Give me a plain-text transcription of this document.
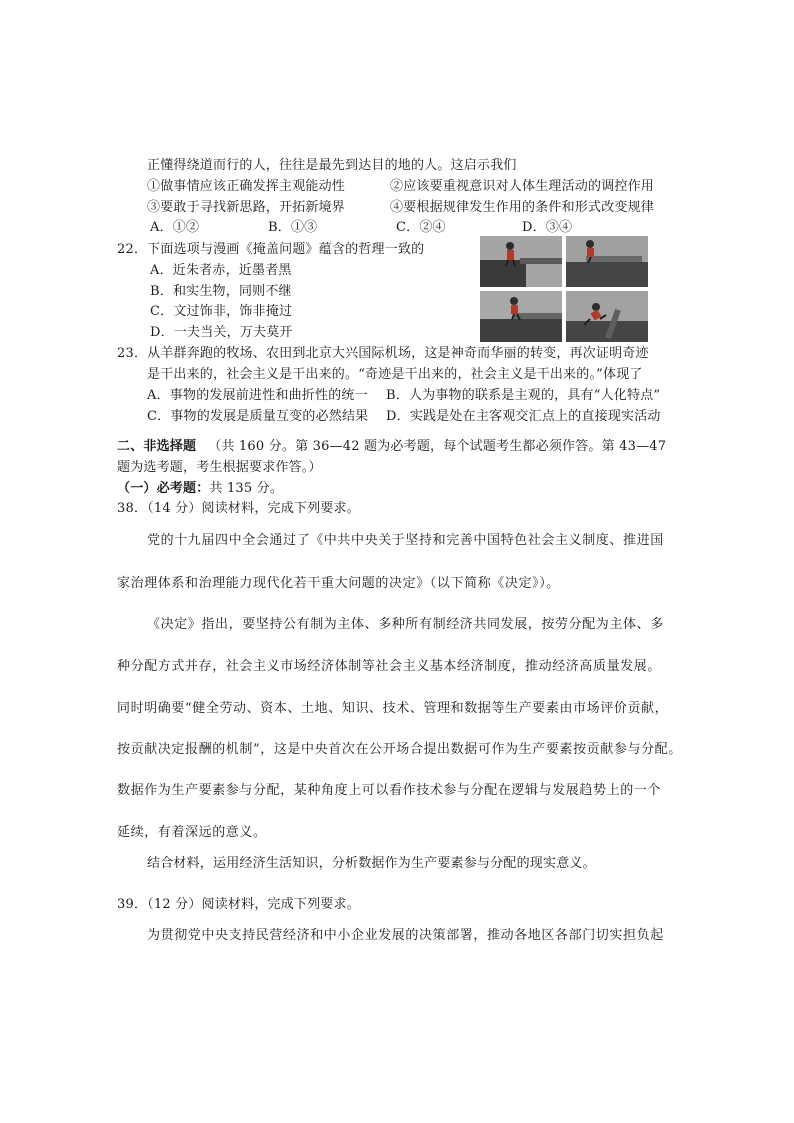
正懂得绕道而行的人，往往是最先到达目的地的人。这启示我们
①做事情应该正确发挥主观能动性	②应该要重视意识对人体生理活动的调控作用
③要敢于寻找新思路，开拓新境界	④要根据规律发生作用的条件和形式改变规律
A．①②	B．①③	C．②④	D．③④
22．下面选项与漫画《掩盖问题》蕴含的哲理一致的
A．近朱者赤，近墨者黑
B．和实生物，同则不继
C．文过饰非，饰非掩过
D．一夫当关，万夫莫开
23．从羊群奔跑的牧场、农田到北京大兴国际机场，这是神奇而华丽的转变，再次证明奇迹
是干出来的，社会主义是干出来的。“奇迹是干出来的，社会主义是干出来的。”体现了
A．事物的发展前进性和曲折性的统一 B．人为事物的联系是主观的，具有“人化特点”
C．事物的发展是质量互变的必然结果 D．实践是处在主客观交汇点上的直接现实活动
二、非选择题 （共 160 分。第 36—42 题为必考题，每个试题考生都必须作答。第 43—47
题为选考题，考生根据要求作答。）
（一）必考题：共 135 分。
38．（14 分）阅读材料，完成下列要求。
党的十九届四中全会通过了《中共中央关于坚持和完善中国特色社会主义制度、推进国
家治理体系和治理能力现代化若干重大问题的决定》（以下简称《决定》）。
《决定》指出，要坚持公有制为主体、多种所有制经济共同发展，按劳分配为主体、多
种分配方式并存，社会主义市场经济体制等社会主义基本经济制度，推动经济高质量发展。
同时明确要“健全劳动、资本、土地、知识、技术、管理和数据等生产要素由市场评价贡献，
按贡献决定报酬的机制”，这是中央首次在公开场合提出数据可作为生产要素按贡献参与分配。
数据作为生产要素参与分配，某种角度上可以看作技术参与分配在逻辑与发展趋势上的一个
延续，有着深远的意义。
结合材料，运用经济生活知识，分析数据作为生产要素参与分配的现实意义。
39．（12 分）阅读材料，完成下列要求。
为贯彻党中央支持民营经济和中小企业发展的决策部署，推动各地区各部门切实担负起
